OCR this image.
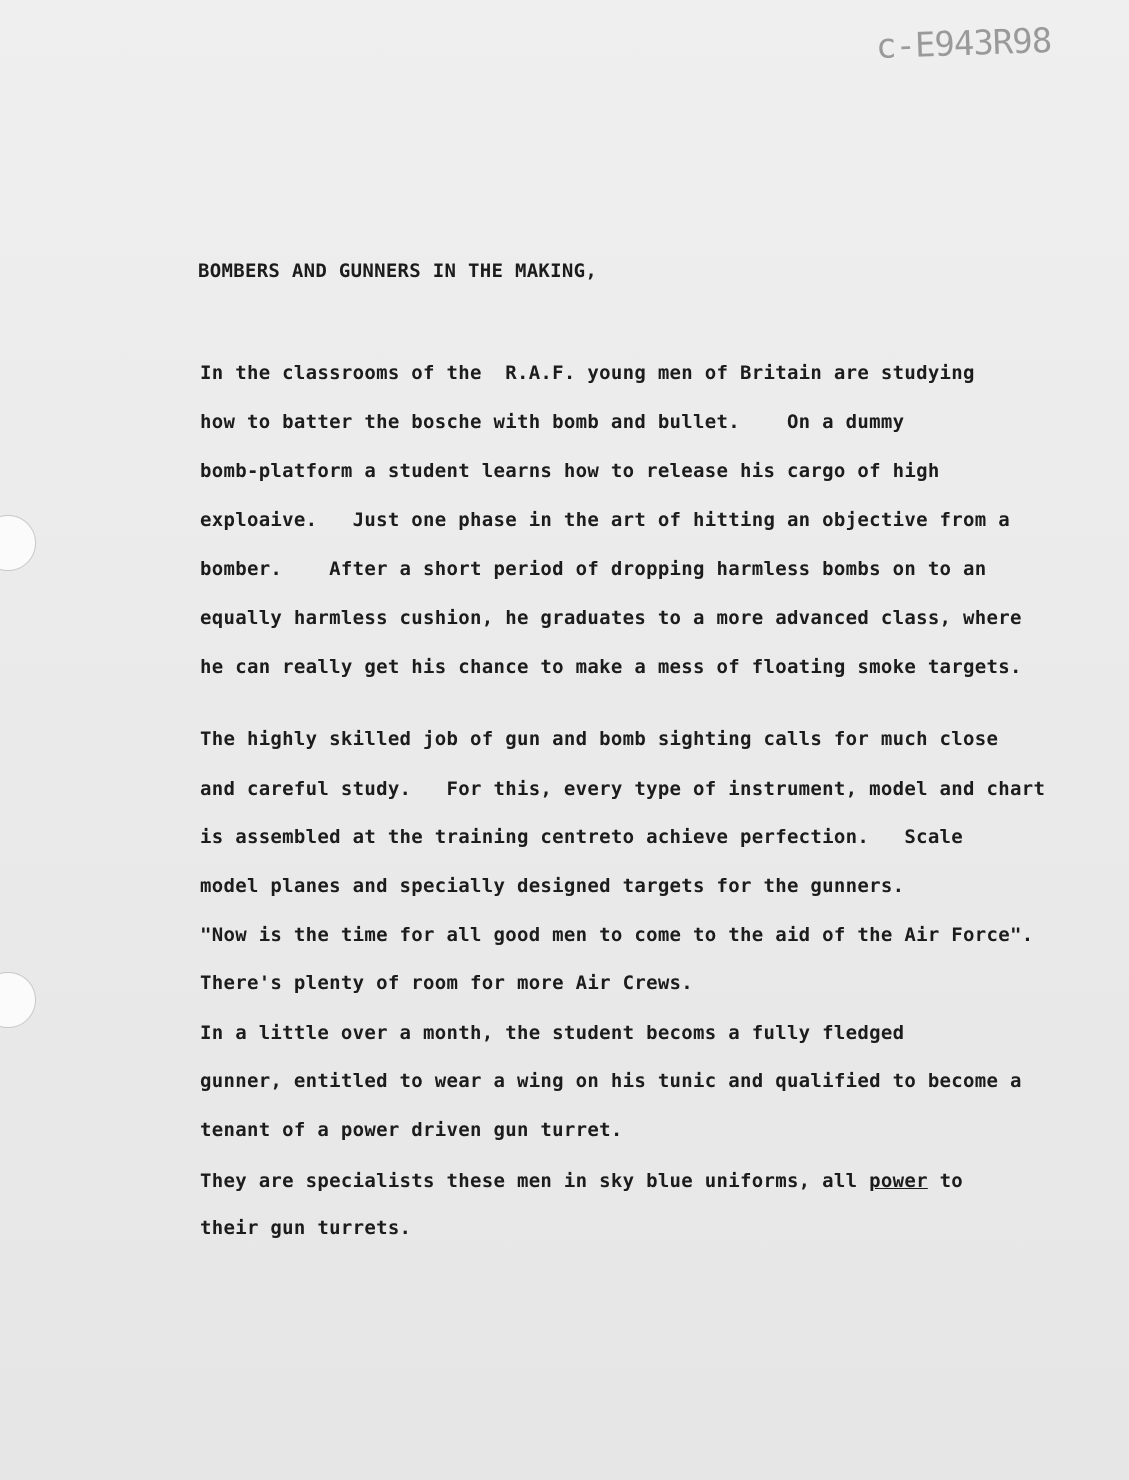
c-E943R98
BOMBERS AND GUNNERS IN THE MAKING,
In the classrooms of the  R.A.F. young men of Britain are studying
how to batter the bosche with bomb and bullet.    On a dummy
bomb-platform a student learns how to release his cargo of high
exploaive.   Just one phase in the art of hitting an objective from a
bomber.    After a short period of dropping harmless bombs on to an
equally harmless cushion, he graduates to a more advanced class, where
he can really get his chance to make a mess of floating smoke targets.
The highly skilled job of gun and bomb sighting calls for much close
and careful study.   For this, every type of instrument, model and chart
is assembled at the training centreto achieve perfection.   Scale
model planes and specially designed targets for the gunners.
"Now is the time for all good men to come to the aid of the Air Force".
There's plenty of room for more Air Crews.
In a little over a month, the student becoms a fully fledged
gunner, entitled to wear a wing on his tunic and qualified to become a
tenant of a power driven gun turret.
They are specialists these men in sky blue uniforms, all power to
their gun turrets.
